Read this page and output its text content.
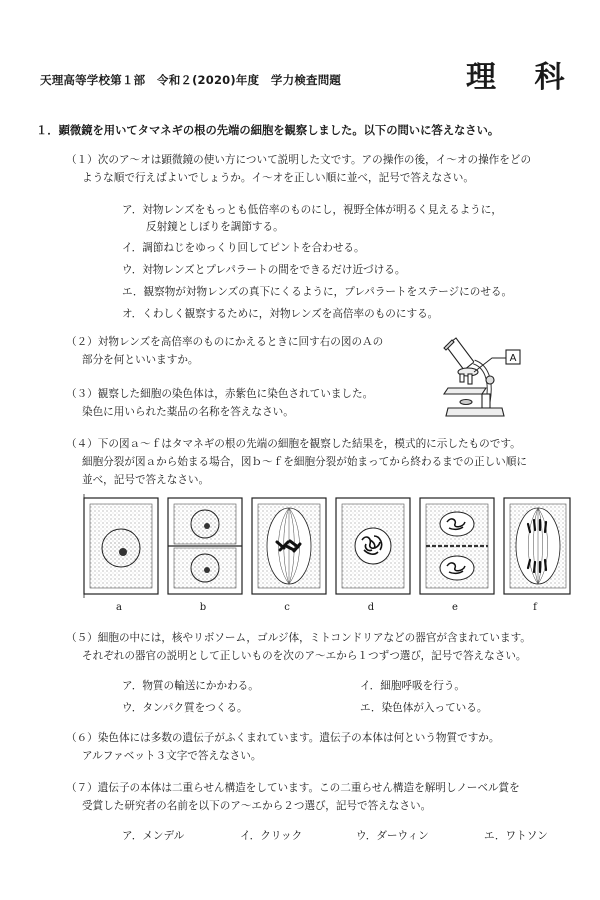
天理高等学校第１部　令和２(2020)年度　学力検査問題	理 科
１．顕微鏡を用いてタマネギの根の先端の細胞を観察しました。以下の問いに答えなさい。
（１）次のア～オは顕微鏡の使い方について説明した文です。アの操作の後，イ～オの操作をどの
ような順で行えばよいでしょうか。イ～オを正しい順に並べ，記号で答えなさい。
ア．対物レンズをもっとも低倍率のものにし，視野全体が明るく見えるように，
反射鏡としぼりを調節する。
イ．調節ねじをゆっくり回してピントを合わせる。
ウ．対物レンズとプレパラートの間をできるだけ近づける。
エ．観察物が対物レンズの真下にくるように，プレパラートをステージにのせる。
オ．くわしく観察するために，対物レンズを高倍率のものにする。
（２）対物レンズを高倍率のものにかえるときに回す右の図のＡの
部分を何といいますか。	A
（３）観察した細胞の染色体は，赤紫色に染色されていました。
染色に用いられた薬品の名称を答えなさい。
（４）下の図ａ～ｆはタマネギの根の先端の細胞を観察した結果を，模式的に示したものです。
細胞分裂が図ａから始まる場合，図ｂ～ｆを細胞分裂が始まってから終わるまでの正しい順に
並べ，記号で答えなさい。
a	b	c	d	e	f
（５）細胞の中には，核やリボソーム，ゴルジ体，ミトコンドリアなどの器官が含まれています。
それぞれの器官の説明として正しいものを次のア～エから１つずつ選び，記号で答えなさい。
ア．物質の輸送にかかわる。	イ．細胞呼吸を行う。
ウ．タンパク質をつくる。	エ．染色体が入っている。
（６）染色体には多数の遺伝子がふくまれています。遺伝子の本体は何という物質ですか。
アルファベット３文字で答えなさい。
（７）遺伝子の本体は二重らせん構造をしています。この二重らせん構造を解明しノーベル賞を
受賞した研究者の名前を以下のア～エから２つ選び，記号で答えなさい。
ア．メンデル	イ．クリック	ウ．ダーウィン	エ．ワトソン
